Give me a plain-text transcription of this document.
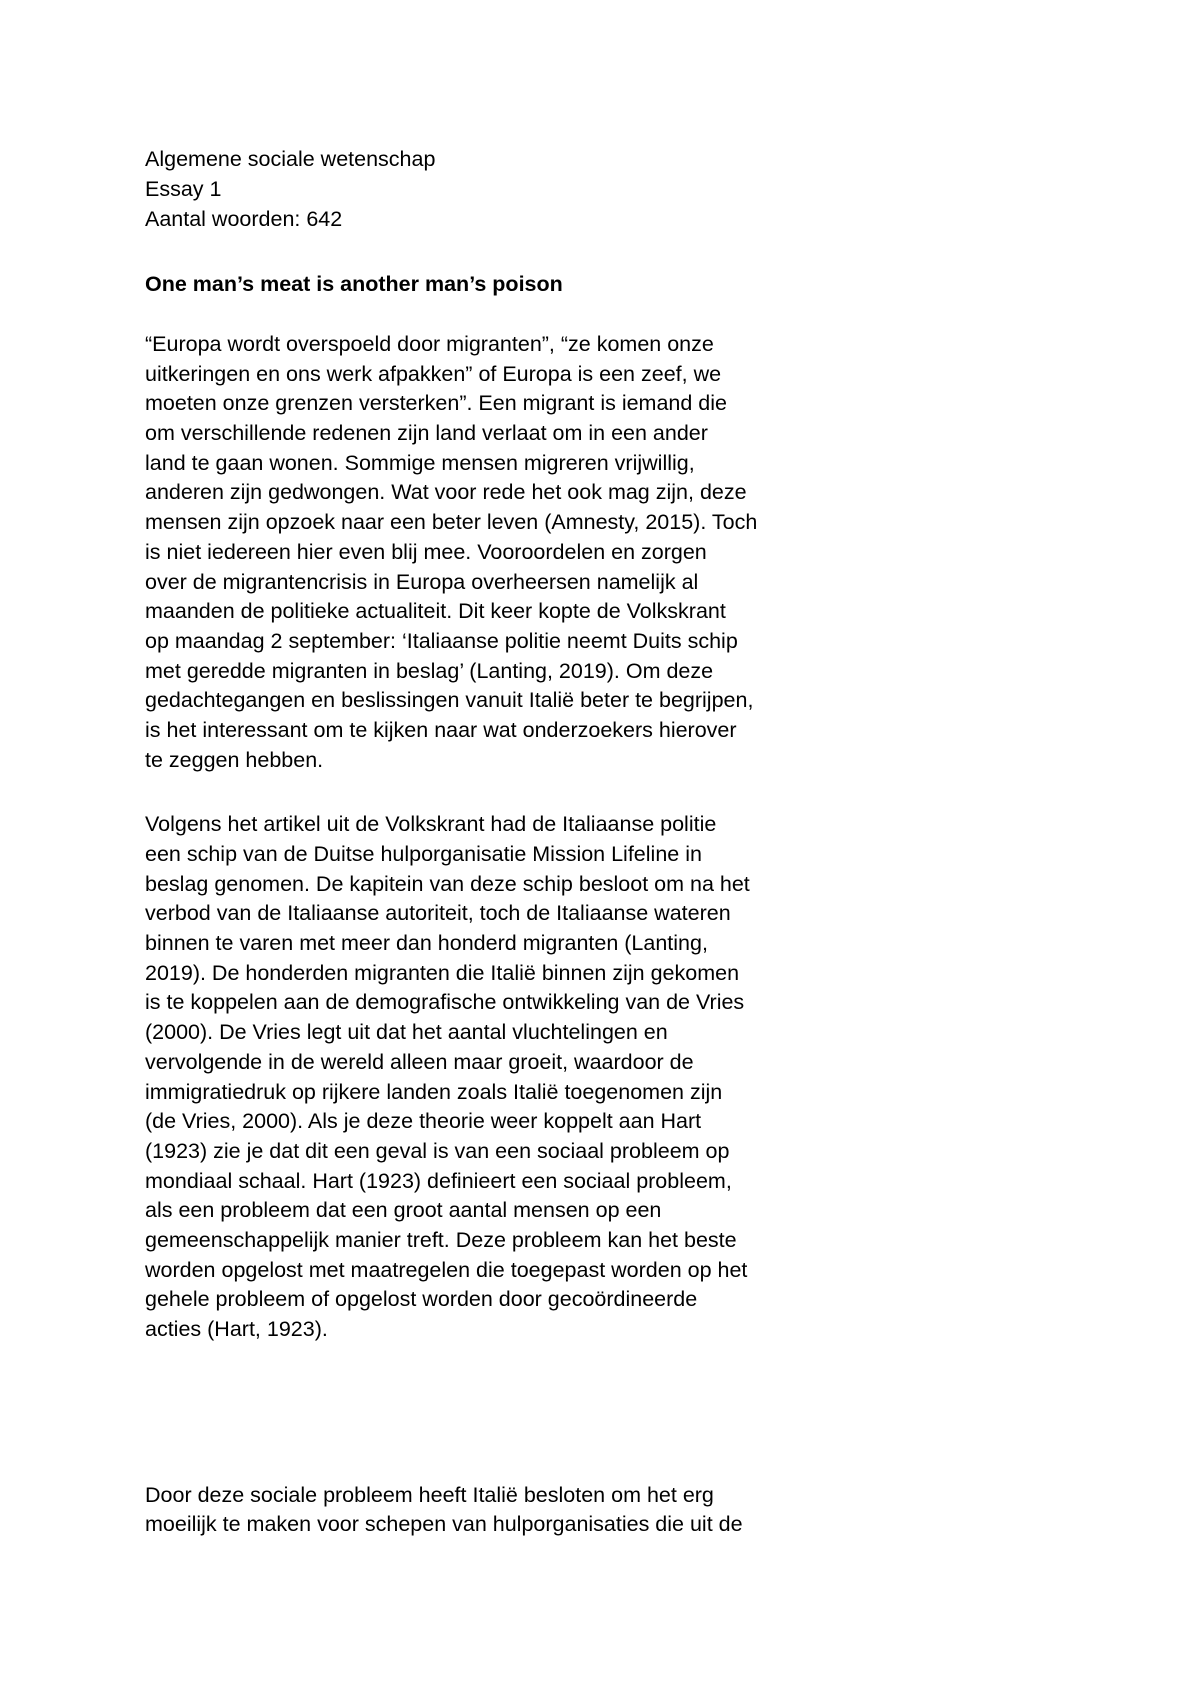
Algemene sociale wetenschap
Essay 1
Aantal woorden: 642
One man’s meat is another man’s poison
“Europa wordt overspoeld door migranten”, “ze komen onze
uitkeringen en ons werk afpakken” of Europa is een zeef, we
moeten onze grenzen versterken”. Een migrant is iemand die
om verschillende redenen zijn land verlaat om in een ander
land te gaan wonen. Sommige mensen migreren vrijwillig,
anderen zijn gedwongen. Wat voor rede het ook mag zijn, deze
mensen zijn opzoek naar een beter leven (Amnesty, 2015). Toch
is niet iedereen hier even blij mee. Vooroordelen en zorgen
over de migrantencrisis in Europa overheersen namelijk al
maanden de politieke actualiteit. Dit keer kopte de Volkskrant
op maandag 2 september: ‘Italiaanse politie neemt Duits schip
met geredde migranten in beslag’ (Lanting, 2019). Om deze
gedachtegangen en beslissingen vanuit Italië beter te begrijpen,
is het interessant om te kijken naar wat onderzoekers hierover
te zeggen hebben.
Volgens het artikel uit de Volkskrant had de Italiaanse politie
een schip van de Duitse hulporganisatie Mission Lifeline in
beslag genomen. De kapitein van deze schip besloot om na het
verbod van de Italiaanse autoriteit, toch de Italiaanse wateren
binnen te varen met meer dan honderd migranten (Lanting,
2019). De honderden migranten die Italië binnen zijn gekomen
is te koppelen aan de demografische ontwikkeling van de Vries
(2000). De Vries legt uit dat het aantal vluchtelingen en
vervolgende in de wereld alleen maar groeit, waardoor de
immigratiedruk op rijkere landen zoals Italië toegenomen zijn
(de Vries, 2000). Als je deze theorie weer koppelt aan Hart
(1923) zie je dat dit een geval is van een sociaal probleem op
mondiaal schaal. Hart (1923) definieert een sociaal probleem,
als een probleem dat een groot aantal mensen op een
gemeenschappelijk manier treft. Deze probleem kan het beste
worden opgelost met maatregelen die toegepast worden op het
gehele probleem of opgelost worden door gecoördineerde
acties (Hart, 1923).
Door deze sociale probleem heeft Italië besloten om het erg
moeilijk te maken voor schepen van hulporganisaties die uit de
